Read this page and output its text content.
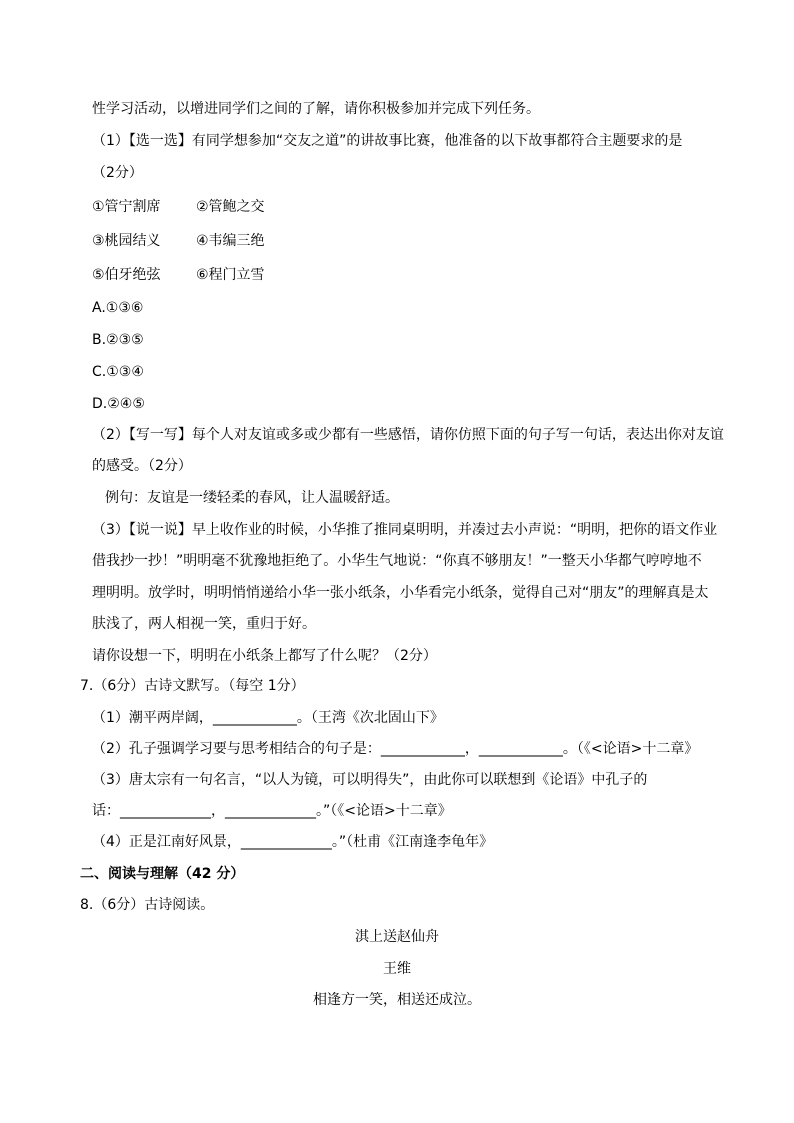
性学习活动，以增进同学们之间的了解，请你积极参加并完成下列任务。
（1）【选一选】有同学想参加“交友之道”的讲故事比赛，他准备的以下故事都符合主题要求的是
（2分）
①管宁割席	②管鲍之交
③桃园结义	④韦编三绝
⑤伯牙绝弦	⑥程门立雪
A.①③⑥
B.②③⑤
C.①③④
D.②④⑤
（2）【写一写】每个人对友谊或多或少都有一些感悟，请你仿照下面的句子写一句话，表达出你对友谊
的感受。（2分）
例句：友谊是一缕轻柔的春风，让人温暖舒适。
（3）【说一说】早上收作业的时候，小华推了推同桌明明，并凑过去小声说：“明明，把你的语文作业
借我抄一抄！”明明毫不犹豫地拒绝了。小华生气地说：“你真不够朋友！”一整天小华都气哼哼地不
理明明。放学时，明明悄悄递给小华一张小纸条，小华看完小纸条，觉得自己对“朋友”的理解真是太
肤浅了，两人相视一笑，重归于好。
请你设想一下，明明在小纸条上都写了什么呢？（2分）
7.（6分）古诗文默写。（每空 1分）
（1）潮平两岸阔，____________。（王湾《次北固山下》
（2）孔子强调学习要与思考相结合的句子是：____________，____________。（《<论语>十二章》
（3）唐太宗有一句名言，“以人为镜，可以明得失”，由此你可以联想到《论语》中孔子的
话：_____________，_____________。”（《<论语>十二章》
（4）正是江南好风景，_____________。”（杜甫《江南逢李龟年》
二、阅读与理解（42 分）
8.（6分）古诗阅读。
淇上送赵仙舟
王维
相逢方一笑，相送还成泣。
